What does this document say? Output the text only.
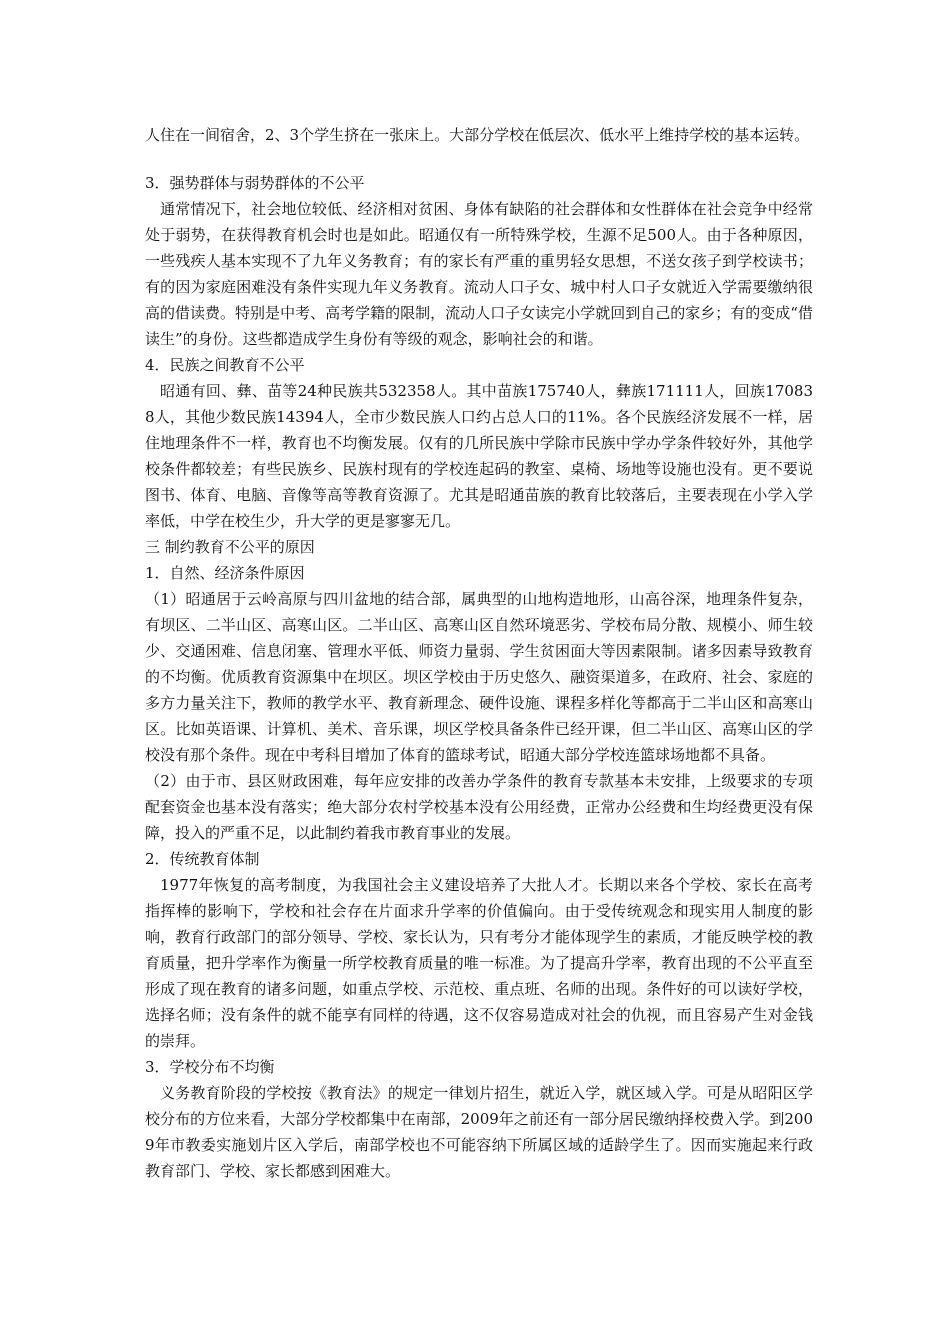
人住在一间宿舍，2、3个学生挤在一张床上。大部分学校在低层次、低水平上维持学校的基本运转。

3．强势群体与弱势群体的不公平

通常情况下，社会地位较低、经济相对贫困、身体有缺陷的社会群体和女性群体在社会竞争中经常处于弱势，在获得教育机会时也是如此。昭通仅有一所特殊学校，生源不足500人。由于各种原因，一些残疾人基本实现不了九年义务教育；有的家长有严重的重男轻女思想，不送女孩子到学校读书；有的因为家庭困难没有条件实现九年义务教育。流动人口子女、城中村人口子女就近入学需要缴纳很高的借读费。特别是中考、高考学籍的限制，流动人口子女读完小学就回到自己的家乡；有的变成“借读生”的身份。这些都造成学生身份有等级的观念，影响社会的和谐。

4．民族之间教育不公平

昭通有回、彝、苗等24种民族共532358人。其中苗族175740人，彝族171111人，回族170838人，其他少数民族14394人，全市少数民族人口约占总人口的11%。各个民族经济发展不一样，居住地理条件不一样，教育也不均衡发展。仅有的几所民族中学除市民族中学办学条件较好外，其他学校条件都较差；有些民族乡、民族村现有的学校连起码的教室、桌椅、场地等设施也没有。更不要说图书、体育、电脑、音像等高等教育资源了。尤其是昭通苗族的教育比较落后，主要表现在小学入学率低，中学在校生少，升大学的更是寥寥无几。

三 制约教育不公平的原因

1．自然、经济条件原因

（1）昭通居于云岭高原与四川盆地的结合部，属典型的山地构造地形，山高谷深，地理条件复杂，有坝区、二半山区、高寒山区。二半山区、高寒山区自然环境恶劣、学校布局分散、规模小、师生较少、交通困难、信息闭塞、管理水平低、师资力量弱、学生贫困面大等因素限制。诸多因素导致教育的不均衡。优质教育资源集中在坝区。坝区学校由于历史悠久、融资渠道多，在政府、社会、家庭的多方力量关注下，教师的教学水平、教育新理念、硬件设施、课程多样化等都高于二半山区和高寒山区。比如英语课、计算机、美术、音乐课，坝区学校具备条件已经开课，但二半山区、高寒山区的学校没有那个条件。现在中考科目增加了体育的篮球考试，昭通大部分学校连篮球场地都不具备。

（2）由于市、县区财政困难，每年应安排的改善办学条件的教育专款基本未安排，上级要求的专项配套资金也基本没有落实；绝大部分农村学校基本没有公用经费，正常办公经费和生均经费更没有保障，投入的严重不足，以此制约着我市教育事业的发展。

2．传统教育体制

1977年恢复的高考制度，为我国社会主义建设培养了大批人才。长期以来各个学校、家长在高考指挥棒的影响下，学校和社会存在片面求升学率的价值偏向。由于受传统观念和现实用人制度的影响，教育行政部门的部分领导、学校、家长认为，只有考分才能体现学生的素质，才能反映学校的教育质量，把升学率作为衡量一所学校教育质量的唯一标准。为了提高升学率，教育出现的不公平直至形成了现在教育的诸多问题，如重点学校、示范校、重点班、名师的出现。条件好的可以读好学校，选择名师；没有条件的就不能享有同样的待遇，这不仅容易造成对社会的仇视，而且容易产生对金钱的崇拜。

3．学校分布不均衡

义务教育阶段的学校按《教育法》的规定一律划片招生，就近入学，就区域入学。可是从昭阳区学校分布的方位来看，大部分学校都集中在南部，2009年之前还有一部分居民缴纳择校费入学。到2009年市教委实施划片区入学后，南部学校也不可能容纳下所属区域的适龄学生了。因而实施起来行政教育部门、学校、家长都感到困难大。
